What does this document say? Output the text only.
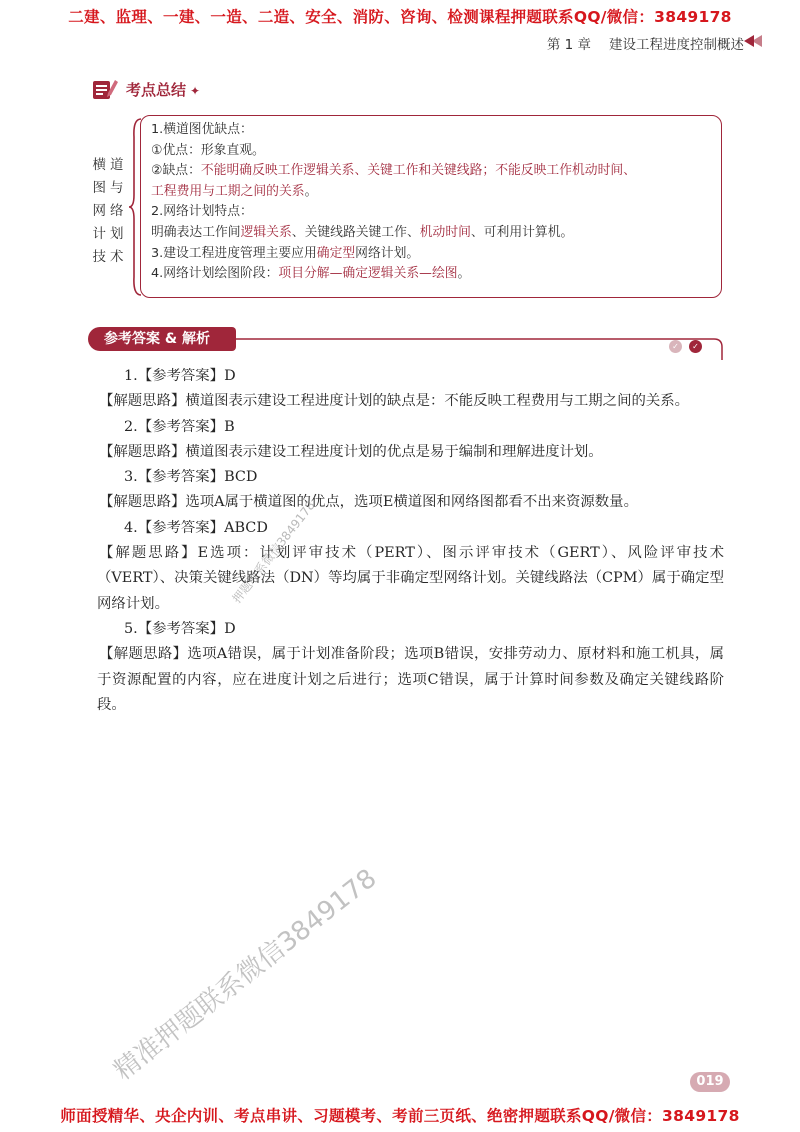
二建、监理、一建、一造、二造、安全、消防、咨询、检测课程押题联系QQ/微信：3849178
第 1 章 建设工程进度控制概述
考点总结 ✦
横道图与网络计划技术

1.横道图优缺点：

①优点：形象直观。

②缺点：不能明确反映工作逻辑关系、关键工作和关键线路；不能反映工作机动时间、

工程费用与工期之间的关系。

2.网络计划特点：

明确表达工作间逻辑关系、关键线路关键工作、机动时间、可利用计算机。

3.建设工程进度管理主要应用确定型网络计划。

4.网络计划绘图阶段：项目分解—确定逻辑关系—绘图。

参考答案 & 解析	✓	✓

1.【参考答案】D

【解题思路】横道图表示建设工程进度计划的缺点是：不能反映工程费用与工期之间的关系。

2.【参考答案】B

【解题思路】横道图表示建设工程进度计划的优点是易于编制和理解进度计划。

3.【参考答案】BCD

【解题思路】选项A属于横道图的优点，选项E横道图和网络图都看不出来资源数量。

4.【参考答案】ABCD

【解题思路】E选项：计划评审技术（PERT）、图示评审技术（GERT）、风险评审技术（VERT）、决策关键线路法（DN）等均属于非确定型网络计划。关键线路法（CPM）属于确定型网络计划。

5.【参考答案】D

【解题思路】选项A错误，属于计划准备阶段；选项B错误，安排劳动力、原材料和施工机具，属于资源配置的内容，应在进度计划之后进行；选项C错误，属于计算时间参数及确定关键线路阶段。

押题联系微信3849178
精准押题联系微信3849178	019
师面授精华、央企内训、考点串讲、习题模考、考前三页纸、绝密押题联系QQ/微信：3849178
